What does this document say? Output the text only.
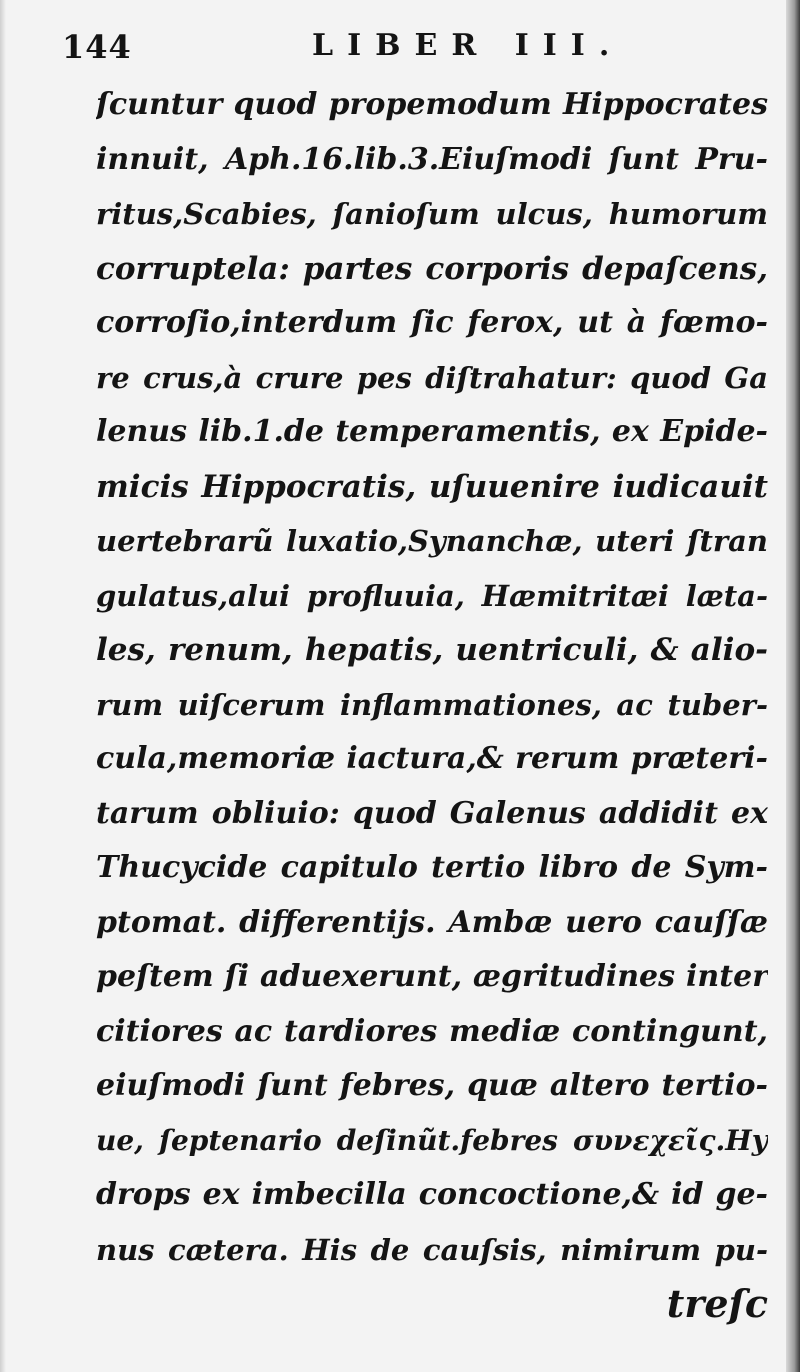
144	LIBER III.
ſcuntur quod propemodum Hippocrates
innuit, Aph.16.lib.3.Eiuſmodi ſunt Pru-
ritus,Scabies, ſanioſum ulcus, humorum
corruptela: partes corporis depaſcens,
corroſio,interdum ſic ferox, ut à fœmo-
re crus,à crure pes diſtrahatur: quod Ga
lenus lib.1.de temperamentis, ex Epide-
micis Hippocratis, uſuuenire iudicauit
uertebrarũ luxatio,Synanchæ, uteri ſtran
gulatus,alui profluuia, Hæmitritæi læta-
les, renum, hepatis, uentriculi, & alio-
rum uiſcerum inflammationes, ac tuber-
cula,memoriæ iactura,& rerum præteri-
tarum obliuio: quod Galenus addidit ex
Thucycide capitulo tertio libro de Sym-
ptomat. differentijs. Ambæ uero cauſſæ
peſtem ſi aduexerunt, ægritudines inter
citiores ac tardiores mediæ contingunt,
eiuſmodi ſunt febres, quæ altero tertio-
ue, ſeptenario deſinũt.febres συνεχεῖς.Hy
drops ex imbecilla concoctione,& id ge-
nus cætera. His de cauſsis, nimirum pu-
treſc
